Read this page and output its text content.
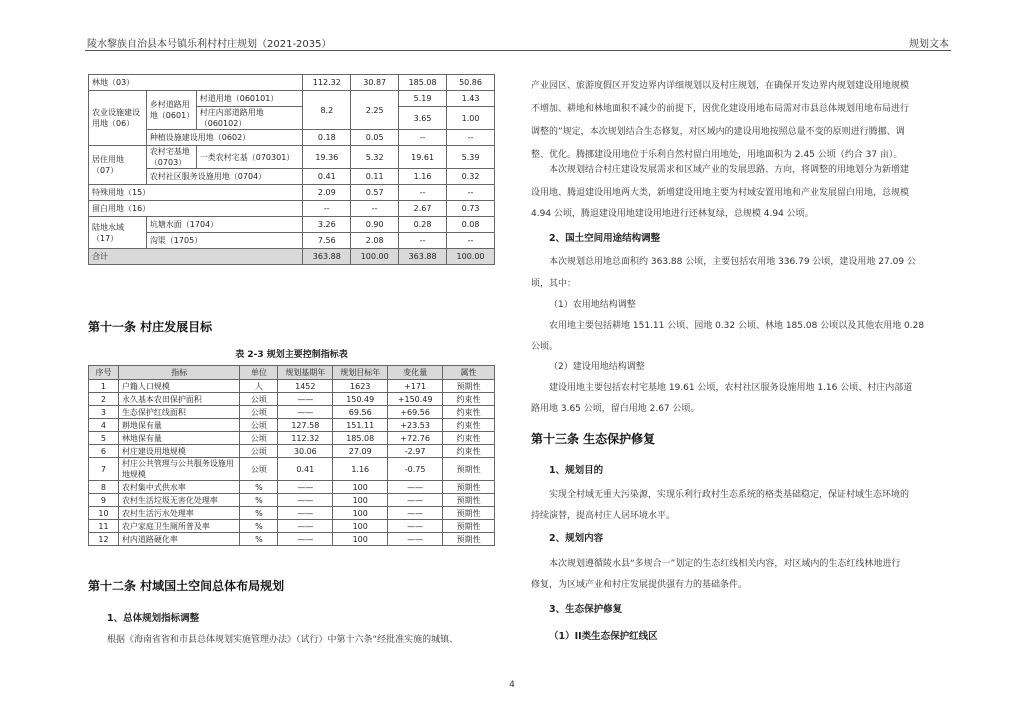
陵水黎族自治县本号镇乐利村村庄规划（2021-2035）	规划文本
林地（03）			112.32	30.87	185.08	50.86
农业设施建设用地（06）	乡村道路用地（0601）	村道用地（060101）	8.2	2.25	5.19	1.43
		村庄内部道路用地（060102）			3.65	1.00
	种植设施建设用地（0602）		0.18	0.05	--	--
居住用地（07）	农村宅基地（0703）	一类农村宅基（070301）	19.36	5.32	19.61	5.39
	农村社区服务设施用地（0704）		0.41	0.11	1.16	0.32
特殊用地（15）			2.09	0.57	--	--
留白用地（16）			--	--	2.67	0.73
陆地水域（17）	坑塘水面（1704）		3.26	0.90	0.28	0.08
	沟渠（1705）		7.56	2.08	--	--
合计			363.88	100.00	363.88	100.00
第十一条 村庄发展目标
表 2-3 规划主要控制指标表
序号	指标	单位	规划基期年	规划目标年	变化量	属性
1	户籍人口规模	人	1452	1623	+171	预期性
2	永久基本农田保护面积	公顷	——	150.49	+150.49	约束性
3	生态保护红线面积	公顷	——	69.56	+69.56	约束性
4	耕地保有量	公顷	127.58	151.11	+23.53	约束性
5	林地保有量	公顷	112.32	185.08	+72.76	约束性
6	村庄建设用地规模	公顷	30.06	27.09	-2.97	约束性
7	村庄公共管理与公共服务设施用地规模	公顷	0.41	1.16	-0.75	预期性
8	农村集中式供水率	%	——	100	——	预期性
9	农村生活垃圾无害化处理率	%	——	100	——	预期性
10	农村生活污水处理率	%	——	100	——	预期性
11	农户家庭卫生厕所普及率	%	——	100	——	预期性
12	村内道路硬化率	%	——	100	——	预期性
第十二条 村域国土空间总体布局规划
1、总体规划指标调整
根据《海南省省和市县总体规划实施管理办法》（试行）中第十六条“经批准实施的城镇、
产业园区、旅游度假区开发边界内详细规划以及村庄规划，在确保开发边界内规划建设用地规模
不增加、耕地和林地面积不减少的前提下，因优化建设用地布局需对市县总体规划用地布局进行
调整的”规定，本次规划结合生态修复，对区域内的建设用地按照总量不变的原则进行腾挪、调
整、优化。腾挪建设用地位于乐利自然村留白用地处，用地面积为 2.45 公顷（约合 37 亩）。
本次规划结合村庄建设发展需求和区域产业的发展思路、方向，将调整的用地划分为新增建
设用地、腾退建设用地两大类，新增建设用地主要为村域安置用地和产业发展留白用地，总规模
4.94 公顷，腾退建设用地建设用地进行还林复绿，总规模 4.94 公顷。
2、国土空间用途结构调整
本次规划总用地总面积约 363.88 公顷，主要包括农用地 336.79 公顷，建设用地 27.09 公
顷，其中：
（1）农用地结构调整
农用地主要包括耕地 151.11 公顷、园地 0.32 公顷、林地 185.08 公顷以及其他农用地 0.28
公顷。
（2）建设用地结构调整
建设用地主要包括农村宅基地 19.61 公顷，农村社区服务设施用地 1.16 公顷、村庄内部道
路用地 3.65 公顷，留白用地 2.67 公顷。
第十三条 生态保护修复
1、规划目的
实现全村域无重大污染源，实现乐利行政村生态系统的格类基础稳定，保证村域生态环境的
持续演替，提高村庄人居环境水平。
2、规划内容
本次规划遵循陵水县“多规合一”划定的生态红线相关内容，对区域内的生态红线林地进行
修复，为区域产业和村庄发展提供强有力的基础条件。
3、生态保护修复
（1）II类生态保护红线区
4
